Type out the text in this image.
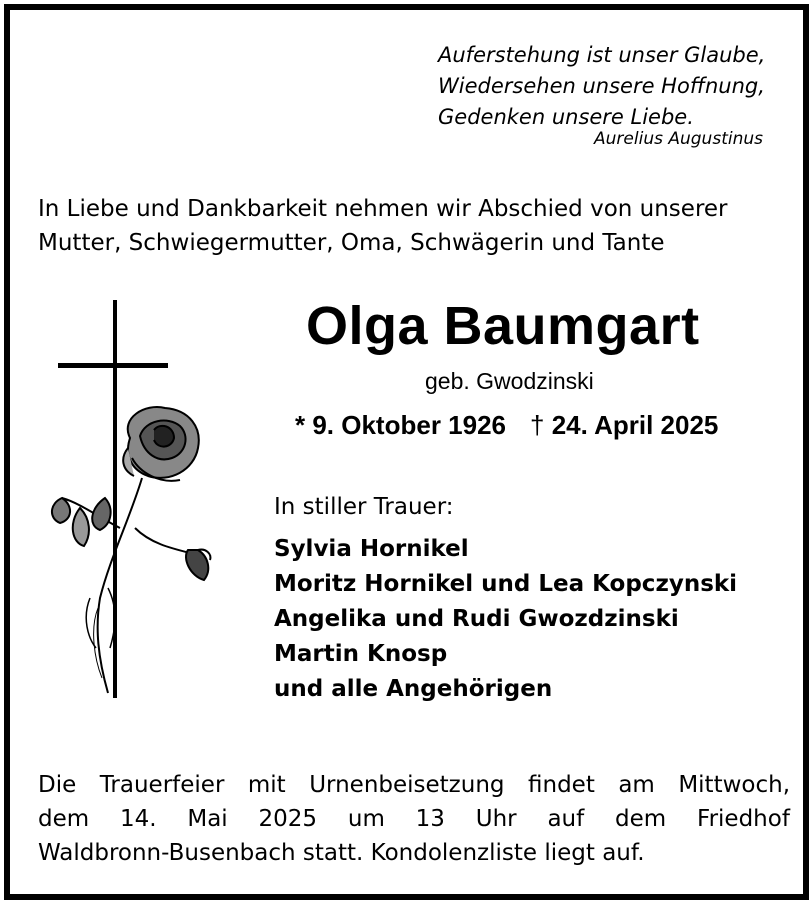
Auferstehung ist unser Glaube,
Wiedersehen unsere Hoffnung,
Gedenken unsere Liebe.
Aurelius Augustinus
In Liebe und Dankbarkeit nehmen wir Abschied von unserer
Mutter, Schwiegermutter, Oma, Schwägerin und Tante
Olga Baumgart
geb. Gwodzinski
* 9. Oktober 1926 † 24. April 2025
In stiller Trauer:
Sylvia Hornikel
Moritz Hornikel und Lea Kopczynski
Angelika und Rudi Gwozdzinski
Martin Knosp
und alle Angehörigen
Die Trauerfeier mit Urnenbeisetzung findet am Mittwoch,
dem 14. Mai 2025 um 13 Uhr auf dem Friedhof
Waldbronn-Busenbach statt. Kondolenzliste liegt auf.
